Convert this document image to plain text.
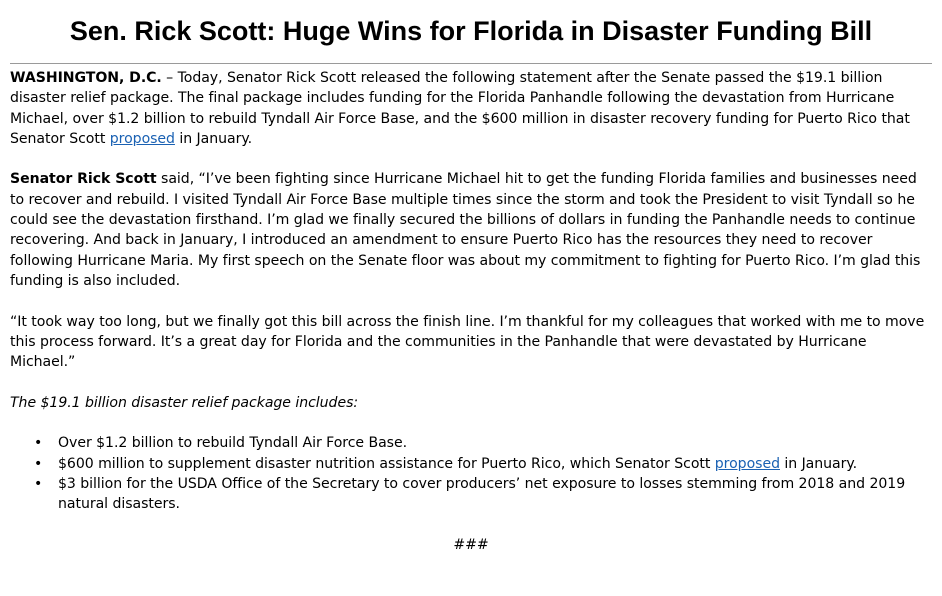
Sen. Rick Scott: Huge Wins for Florida in Disaster Funding Bill

WASHINGTON, D.C. – Today, Senator Rick Scott released the following statement after the Senate passed the $19.1 billion disaster relief package. The final package includes funding for the Florida Panhandle following the devastation from Hurricane Michael, over $1.2 billion to rebuild Tyndall Air Force Base, and the $600 million in disaster recovery funding for Puerto Rico that Senator Scott proposed in January.

Senator Rick Scott said, “I’ve been fighting since Hurricane Michael hit to get the funding Florida families and businesses need to recover and rebuild. I visited Tyndall Air Force Base multiple times since the storm and took the President to visit Tyndall so he could see the devastation firsthand. I’m glad we finally secured the billions of dollars in funding the Panhandle needs to continue recovering. And back in January, I introduced an amendment to ensure Puerto Rico has the resources they need to recover following Hurricane Maria. My first speech on the Senate floor was about my commitment to fighting for Puerto Rico. I’m glad this funding is also included.

“It took way too long, but we finally got this bill across the finish line. I’m thankful for my colleagues that worked with me to move this process forward. It’s a great day for Florida and the communities in the Panhandle that were devastated by Hurricane Michael.”

The $19.1 billion disaster relief package includes:

• Over $1.2 billion to rebuild Tyndall Air Force Base.
• $600 million to supplement disaster nutrition assistance for Puerto Rico, which Senator Scott proposed in January.
• $3 billion for the USDA Office of the Secretary to cover producers’ net exposure to losses stemming from 2018 and 2019 natural disasters.
###
